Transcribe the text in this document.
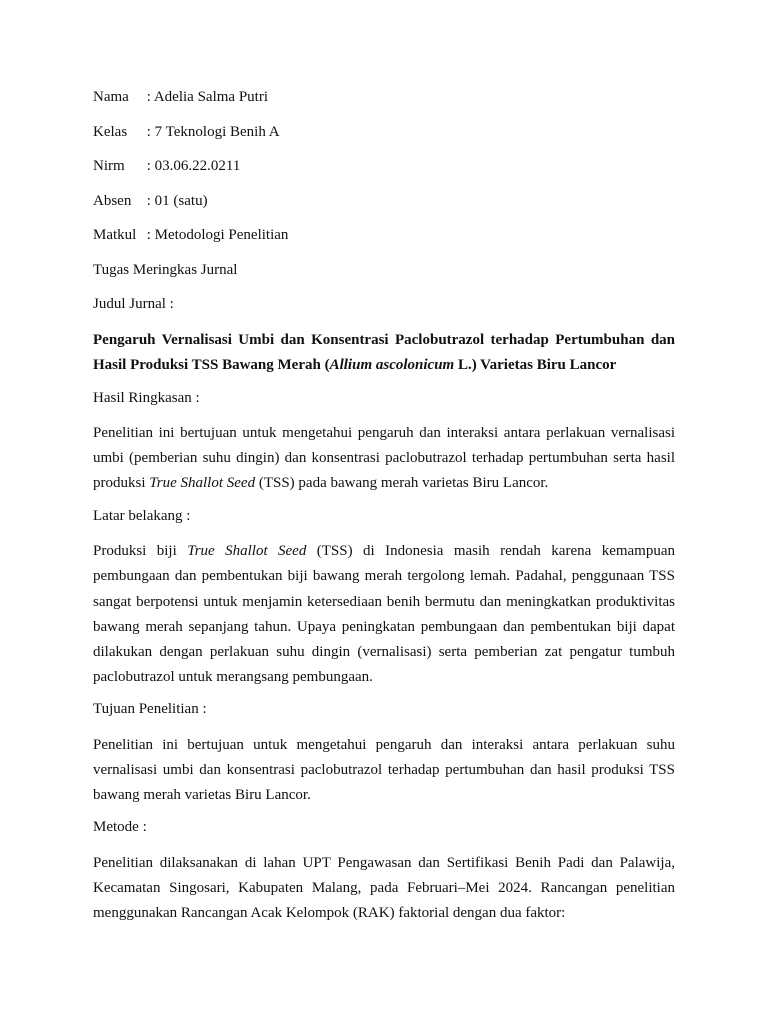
Nama : Adelia Salma Putri
Kelas : 7 Teknologi Benih A
Nirm : 03.06.22.0211
Absen : 01 (satu)
Matkul : Metodologi Penelitian
Tugas Meringkas Jurnal
Judul Jurnal :
Pengaruh Vernalisasi Umbi dan Konsentrasi Paclobutrazol terhadap Pertumbuhan dan Hasil Produksi TSS Bawang Merah (Allium ascolonicum L.) Varietas Biru Lancor
Hasil Ringkasan :
Penelitian ini bertujuan untuk mengetahui pengaruh dan interaksi antara perlakuan vernalisasi umbi (pemberian suhu dingin) dan konsentrasi paclobutrazol terhadap pertumbuhan serta hasil produksi True Shallot Seed (TSS) pada bawang merah varietas Biru Lancor.
Latar belakang :
Produksi biji True Shallot Seed (TSS) di Indonesia masih rendah karena kemampuan pembungaan dan pembentukan biji bawang merah tergolong lemah. Padahal, penggunaan TSS sangat berpotensi untuk menjamin ketersediaan benih bermutu dan meningkatkan produktivitas bawang merah sepanjang tahun. Upaya peningkatan pembungaan dan pembentukan biji dapat dilakukan dengan perlakuan suhu dingin (vernalisasi) serta pemberian zat pengatur tumbuh paclobutrazol untuk merangsang pembungaan.
Tujuan Penelitian :
Penelitian ini bertujuan untuk mengetahui pengaruh dan interaksi antara perlakuan suhu vernalisasi umbi dan konsentrasi paclobutrazol terhadap pertumbuhan dan hasil produksi TSS bawang merah varietas Biru Lancor.
Metode :
Penelitian dilaksanakan di lahan UPT Pengawasan dan Sertifikasi Benih Padi dan Palawija, Kecamatan Singosari, Kabupaten Malang, pada Februari–Mei 2024. Rancangan penelitian menggunakan Rancangan Acak Kelompok (RAK) faktorial dengan dua faktor:
